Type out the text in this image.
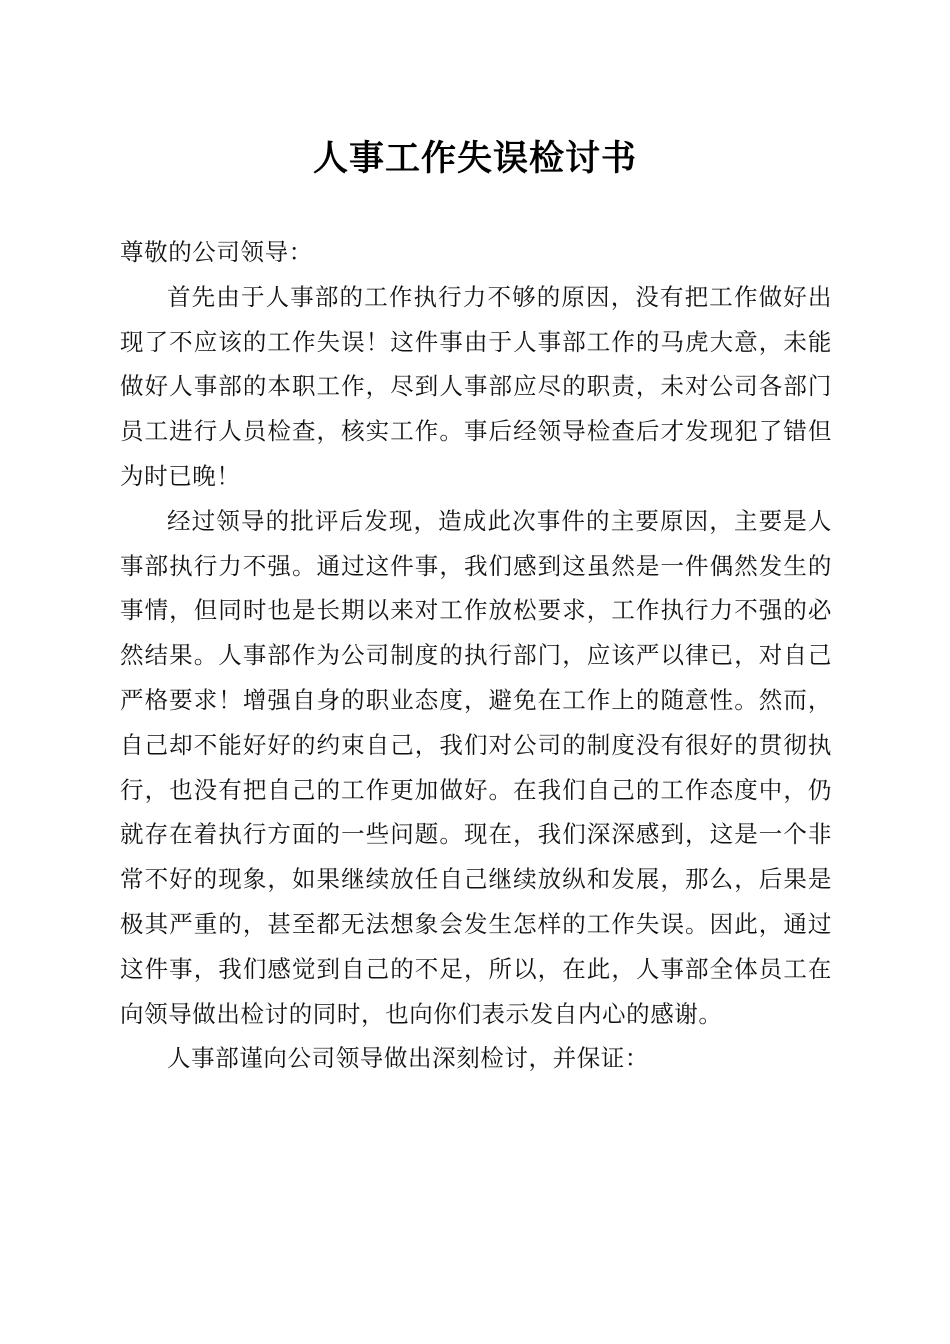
人事工作失误检讨书

尊敬的公司领导：

首先由于人事部的工作执行力不够的原因，没有把工作做好出现了不应该的工作失误！这件事由于人事部工作的马虎大意，未能做好人事部的本职工作，尽到人事部应尽的职责，未对公司各部门员工进行人员检查，核实工作。事后经领导检查后才发现犯了错但为时已晚！

经过领导的批评后发现，造成此次事件的主要原因，主要是人事部执行力不强。通过这件事，我们感到这虽然是一件偶然发生的事情，但同时也是长期以来对工作放松要求，工作执行力不强的必然结果。人事部作为公司制度的执行部门，应该严以律已，对自己严格要求！增强自身的职业态度，避免在工作上的随意性。然而，自己却不能好好的约束自己，我们对公司的制度没有很好的贯彻执行，也没有把自己的工作更加做好。在我们自己的工作态度中，仍就存在着执行方面的一些问题。现在，我们深深感到，这是一个非常不好的现象，如果继续放任自己继续放纵和发展，那么，后果是极其严重的，甚至都无法想象会发生怎样的工作失误。因此，通过这件事，我们感觉到自己的不足，所以，在此，人事部全体员工在向领导做出检讨的同时，也向你们表示发自内心的感谢。

人事部谨向公司领导做出深刻检讨，并保证：
